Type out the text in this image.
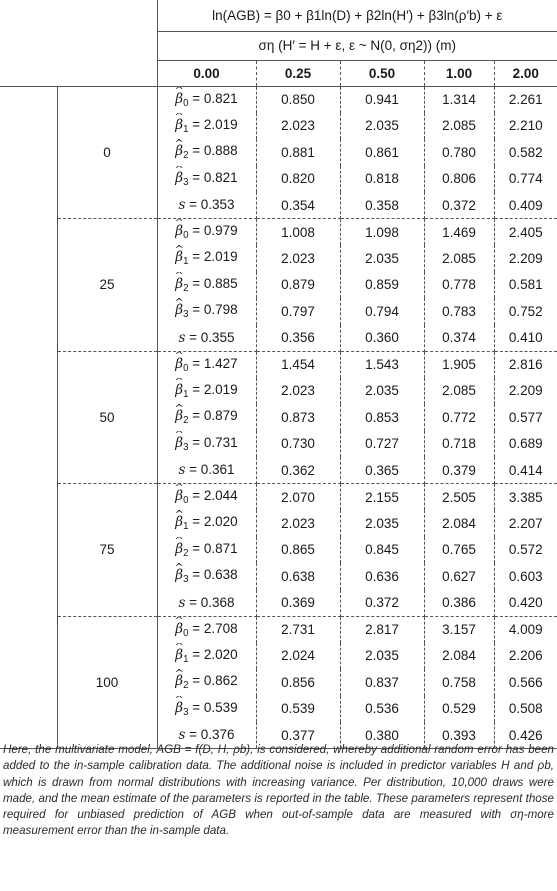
		ln(AGB) = β0 + β1ln(D) + β2ln(H′) + β3ln(ρ′b) + ε				
		ση (H′ = H + ε, ε ~ N(0, ση2)) (m)				
		0.00	0.25	0.50	1.00	2.00
	0	^ $\beta_0 = 0.821$	0.850	0.941	1.314	2.261
		^ $\beta_1 = 2.019$	2.023	2.035	2.085	2.210
		^ $\beta_2 = 0.888$	0.881	0.861	0.780	0.582
		^ $\beta_3 = 0.821$	0.820	0.818	0.806	0.774
		s = 0.353	0.354	0.358	0.372	0.409
	25	^ $\beta_0 = 0.979$	1.008	1.098	1.469	2.405
		^ $\beta_1 = 2.019$	2.023	2.035	2.085	2.209
		^ $\beta_2 = 0.885$	0.879	0.859	0.778	0.581
		^ $\beta_3 = 0.798$	0.797	0.794	0.783	0.752
		s = 0.355	0.356	0.360	0.374	0.410
	50	^ $\beta_0 = 1.427$	1.454	1.543	1.905	2.816
		^ $\beta_1 = 2.019$	2.023	2.035	2.085	2.209
		^ $\beta_2 = 0.879$	0.873	0.853	0.772	0.577
		^ $\beta_3 = 0.731$	0.730	0.727	0.718	0.689
		s = 0.361	0.362	0.365	0.379	0.414
	75	^ $\beta_0 = 2.044$	2.070	2.155	2.505	3.385
		^ $\beta_1 = 2.020$	2.023	2.035	2.084	2.207
		^ $\beta_2 = 0.871$	0.865	0.845	0.765	0.572
		^ $\beta_3 = 0.638$	0.638	0.636	0.627	0.603
		s = 0.368	0.369	0.372	0.386	0.420
	100	^ $\beta_0 = 2.708$	2.731	2.817	3.157	4.009
		^ $\beta_1 = 2.020$	2.024	2.035	2.084	2.206
		^ $\beta_2 = 0.862$	0.856	0.837	0.758	0.566
		^ $\beta_3 = 0.539$	0.539	0.536	0.529	0.508
		s = 0.376	0.377	0.380	0.393	0.426
Here, the multivariate model, AGB = f(D, H, ρb), is considered, whereby additional random error has been added to the in-sample calibration data. The additional noise is included in predictor variables H and ρb, which is drawn from normal distributions with increasing variance. Per distribution, 10,000 draws were made, and the mean estimate of the parameters is reported in the table. These parameters represent those required for unbiased prediction of AGB when out-of-sample data are measured with ση-more measurement error than the in-sample data.
